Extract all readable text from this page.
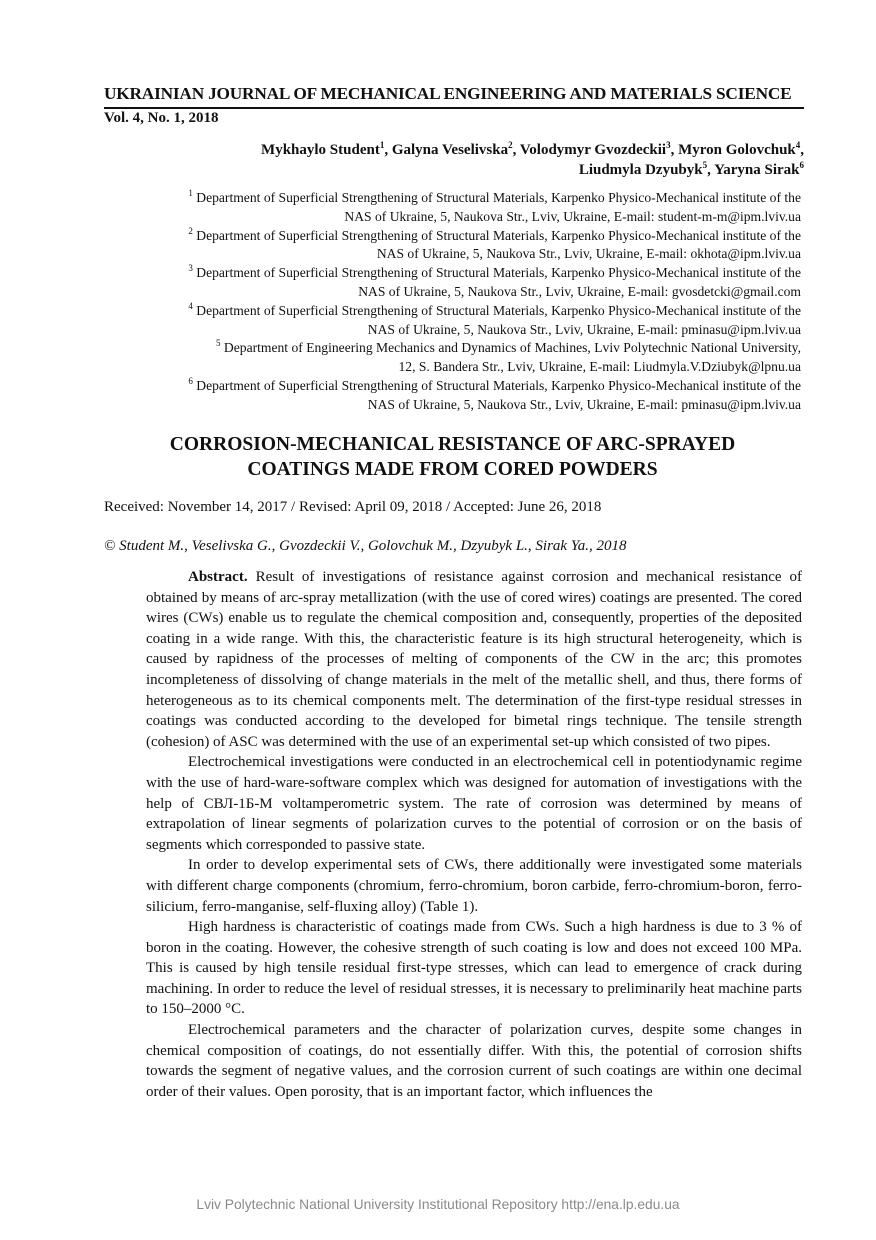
UKRAINIAN JOURNAL OF MECHANICAL ENGINEERING AND MATERIALS SCIENCE
Vol. 4, No. 1, 2018
Mykhaylo Student$^1$, Galyna Veselivska$^2$, Volodymyr Gvozdeckii$^3$, Myron Golovchuk$^4$,
Liudmyla Dzyubyk$^5$, Yaryna Sirak$^6$
$^1$ Department of Superficial Strengthening of Structural Materials, Karpenko Physico-Mechanical institute of the
NAS of Ukraine, 5, Naukova Str., Lviv, Ukraine, E-mail: student-m-m@ipm.lviv.ua
$^2$ Department of Superficial Strengthening of Structural Materials, Karpenko Physico-Mechanical institute of the
NAS of Ukraine, 5, Naukova Str., Lviv, Ukraine, E-mail: okhota@ipm.lviv.ua
$^3$ Department of Superficial Strengthening of Structural Materials, Karpenko Physico-Mechanical institute of the
NAS of Ukraine, 5, Naukova Str., Lviv, Ukraine, E-mail: gvosdetcki@gmail.com
$^4$ Department of Superficial Strengthening of Structural Materials, Karpenko Physico-Mechanical institute of the
NAS of Ukraine, 5, Naukova Str., Lviv, Ukraine, E-mail: pminasu@ipm.lviv.ua
$^5$ Department of Engineering Mechanics and Dynamics of Machines, Lviv Polytechnic National University,
12, S. Bandera Str., Lviv, Ukraine, E-mail: Liudmyla.V.Dziubyk@lpnu.ua
$^6$ Department of Superficial Strengthening of Structural Materials, Karpenko Physico-Mechanical institute of the
NAS of Ukraine, 5, Naukova Str., Lviv, Ukraine, E-mail: pminasu@ipm.lviv.ua
CORROSION-MECHANICAL RESISTANCE OF ARC-SPRAYED
COATINGS MADE FROM CORED POWDERS
Received: November 14, 2017 / Revised: April 09, 2018 / Accepted: June 26, 2018
© Student M., Veselivska G., Gvozdeckii V., Golovchuk M., Dzyubyk L., Sirak Ya., 2018

Abstract. Result of investigations of resistance against corrosion and mechanical resistance of obtained by means of arc-spray metallization (with the use of cored wires) coatings are presented. The cored wires (CWs) enable us to regulate the chemical composition and, consequently, properties of the deposited coating in a wide range. With this, the characteristic feature is its high structural heterogeneity, which is caused by rapidness of the processes of melting of components of the CW in the arc; this promotes incompleteness of dissolving of change materials in the melt of the metallic shell, and thus, there forms of heterogeneous as to its chemical components melt. The determination of the first-type residual stresses in coatings was conducted according to the developed for bimetal rings technique. The tensile strength (cohesion) of ASC was determined with the use of an experimental set-up which consisted of two pipes.

Electrochemical investigations were conducted in an electrochemical cell in potentiodynamic regime with the use of hard-ware-software complex which was designed for automation of investigations with the help of СВЛ-1Б-М voltamperometric system. The rate of corrosion was determined by means of extrapolation of linear segments of polarization curves to the potential of corrosion or on the basis of segments which corresponded to passive state.

In order to develop experimental sets of CWs, there additionally were investigated some materials with different charge components (chromium, ferro-chromium, boron carbide, ferro-chromium-boron, ferro-silicium, ferro-manganise, self-fluxing alloy) (Table 1).

High hardness is characteristic of coatings made from CWs. Such a high hardness is due to 3 % of boron in the coating. However, the cohesive strength of such coating is low and does not exceed 100 MPa. This is caused by high tensile residual first-type stresses, which can lead to emergence of crack during machining. In order to reduce the level of residual stresses, it is necessary to preliminarily heat machine parts to 150–2000 °C.

Electrochemical parameters and the character of polarization curves, despite some changes in chemical composition of coatings, do not essentially differ. With this, the potential of corrosion shifts towards the segment of negative values, and the corrosion current of such coatings are within one decimal order of their values. Open porosity, that is an important factor, which influences the

Lviv Polytechnic National University Institutional Repository http://ena.lp.edu.ua
